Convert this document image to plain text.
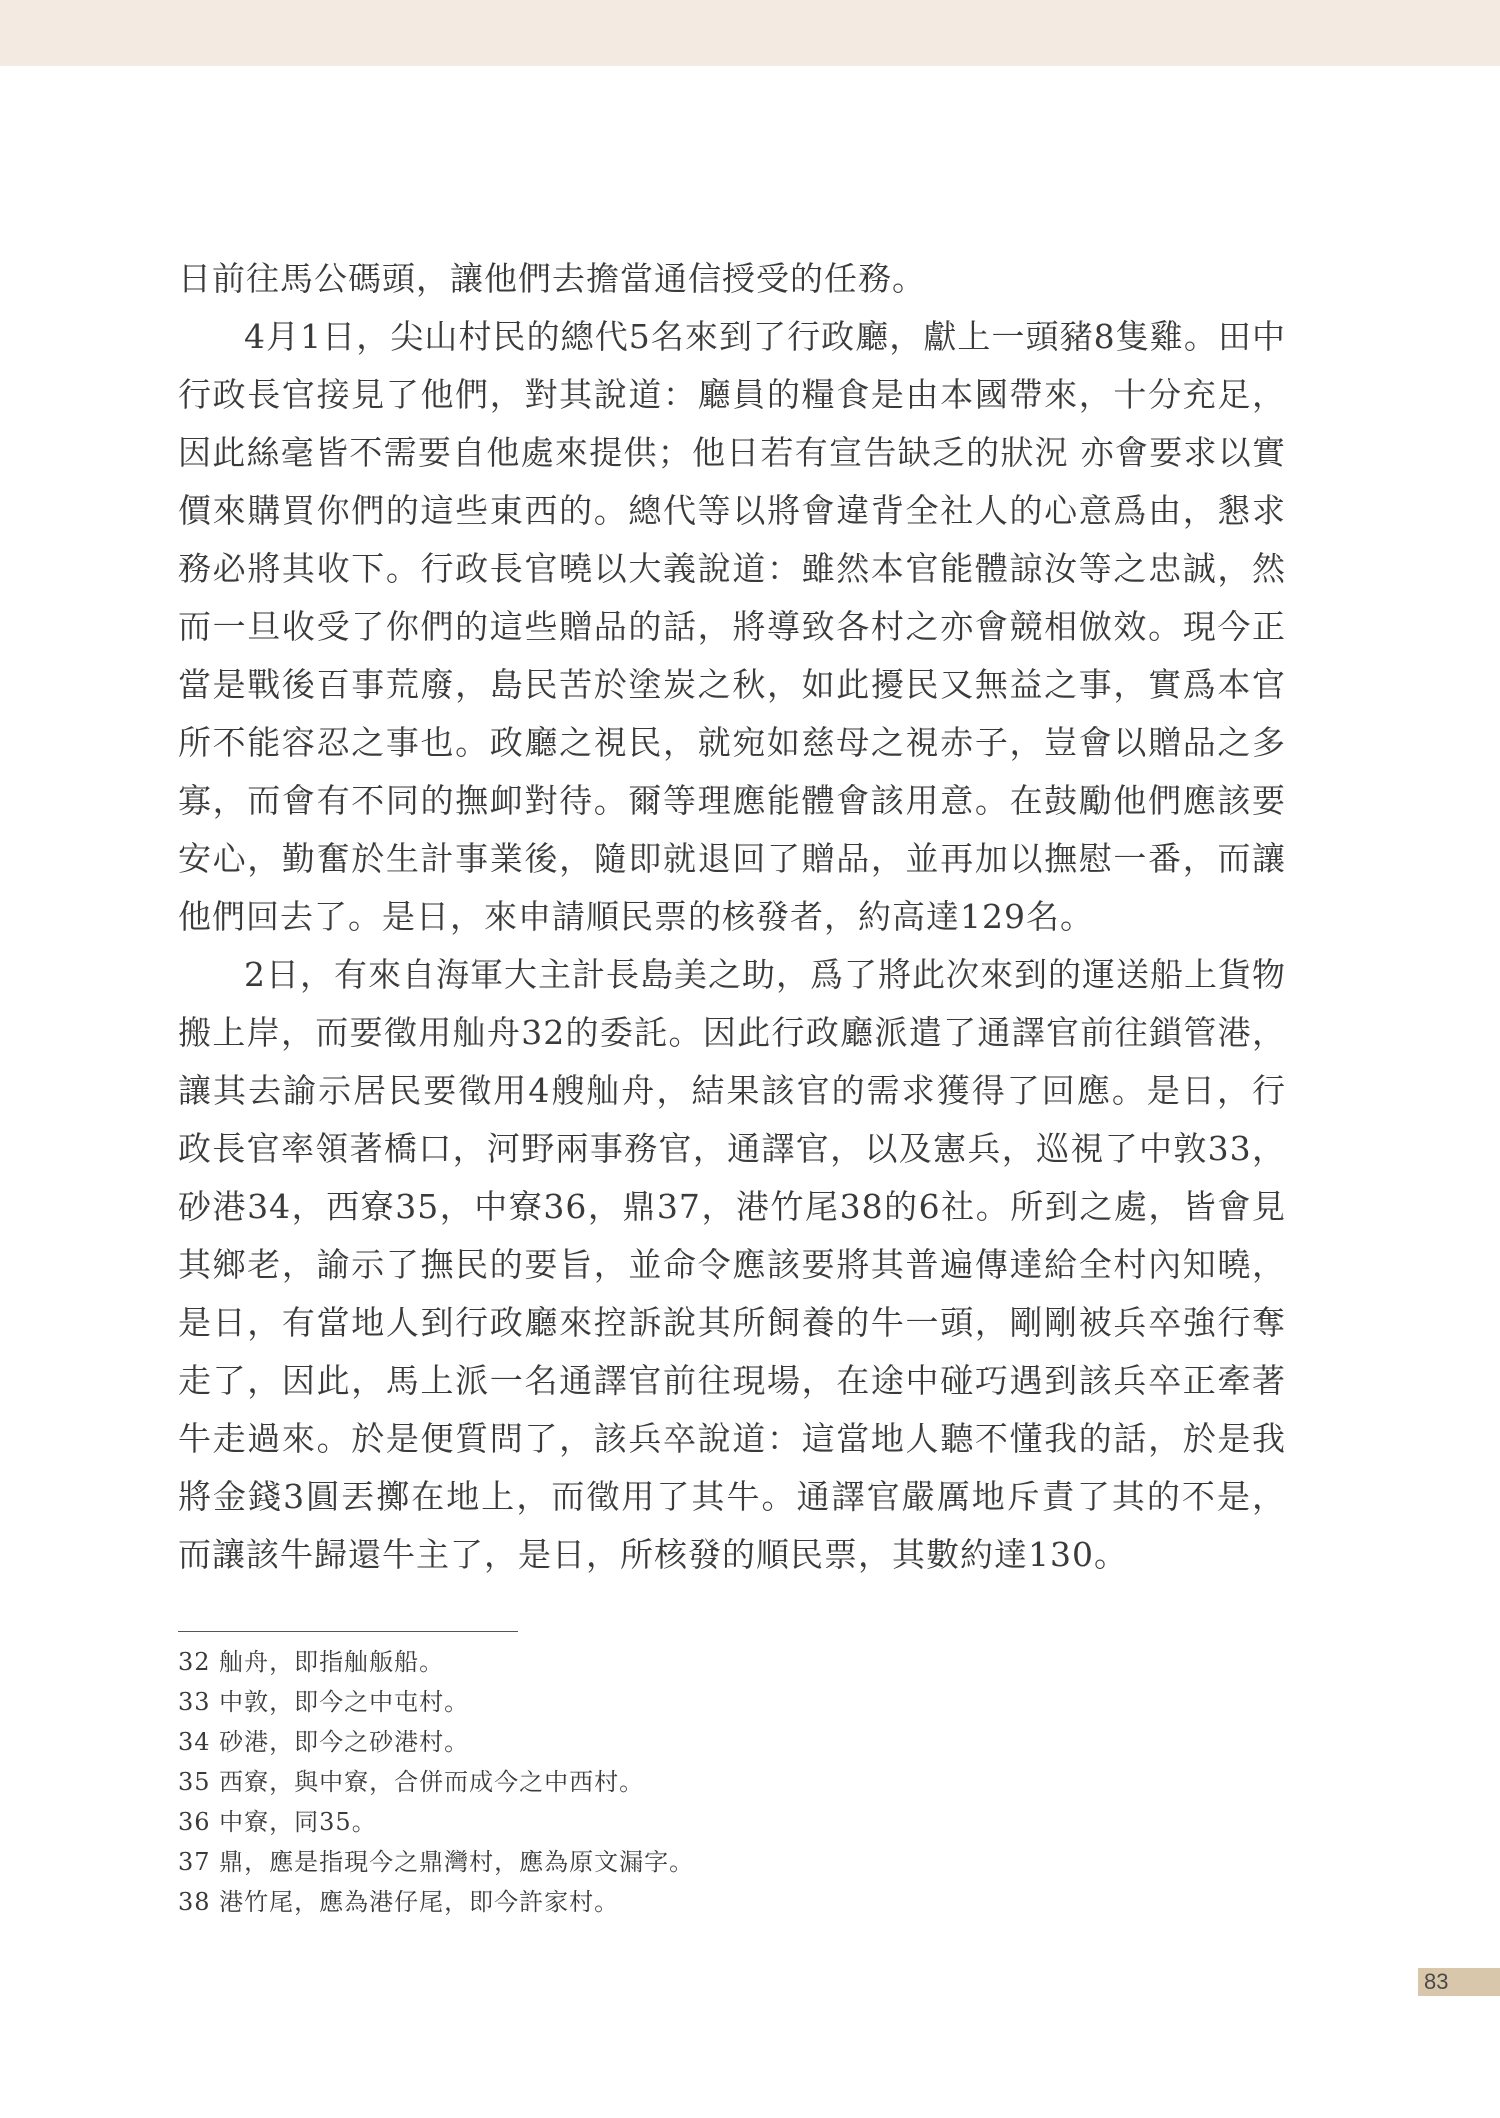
日前往馬公碼頭，讓他們去擔當通信授受的任務。

4月1日，尖山村民的總代5名來到了行政廳，獻上一頭豬8隻雞。田中行政長官接見了他們，對其說道：廳員的糧食是由本國帶來，十分充足，因此絲毫皆不需要自他處來提供；他日若有宣告缺乏的狀況 亦會要求以實價來購買你們的這些東西的。總代等以將會違背全社人的心意爲由，懇求務必將其收下。行政長官曉以大義說道：雖然本官能體諒汝等之忠誠，然而一旦收受了你們的這些贈品的話，將導致各村之亦會競相倣效。現今正當是戰後百事荒廢，島民苦於塗炭之秋，如此擾民又無益之事，實爲本官所不能容忍之事也。政廳之視民，就宛如慈母之視赤子，豈會以贈品之多寡，而會有不同的撫卹對待。爾等理應能體會該用意。在鼓勵他們應該要安心，勤奮於生計事業後，隨即就退回了贈品，並再加以撫慰一番，而讓他們回去了。是日，來申請順民票的核發者，約高達129名。

2日，有來自海軍大主計長島美之助，爲了將此次來到的運送船上貨物搬上岸，而要徵用舢舟32的委託。因此行政廳派遣了通譯官前往鎖管港，讓其去諭示居民要徵用4艘舢舟，結果該官的需求獲得了回應。是日，行政長官率領著橋口，河野兩事務官，通譯官，以及憲兵，巡視了中敦33，砂港34，西寮35，中寮36，鼎37，港竹尾38的6社。所到之處，皆會見其鄉老，諭示了撫民的要旨，並命令應該要將其普遍傳達給全村內知曉，是日，有當地人到行政廳來控訴說其所飼養的牛一頭，剛剛被兵卒強行奪走了，因此，馬上派一名通譯官前往現場，在途中碰巧遇到該兵卒正牽著牛走過來。於是便質問了，該兵卒說道：這當地人聽不懂我的話，於是我將金錢3圓丟擲在地上，而徵用了其牛。通譯官嚴厲地斥責了其的不是，而讓該牛歸還牛主了，是日，所核發的順民票，其數約達130。

32 舢舟，即指舢舨船。
33 中敦，即今之中屯村。
34 砂港，即今之砂港村。
35 西寮，與中寮，合併而成今之中西村。
36 中寮，同35。
37 鼎，應是指現今之鼎灣村，應為原文漏字。
38 港竹尾，應為港仔尾，即今許家村。
83
